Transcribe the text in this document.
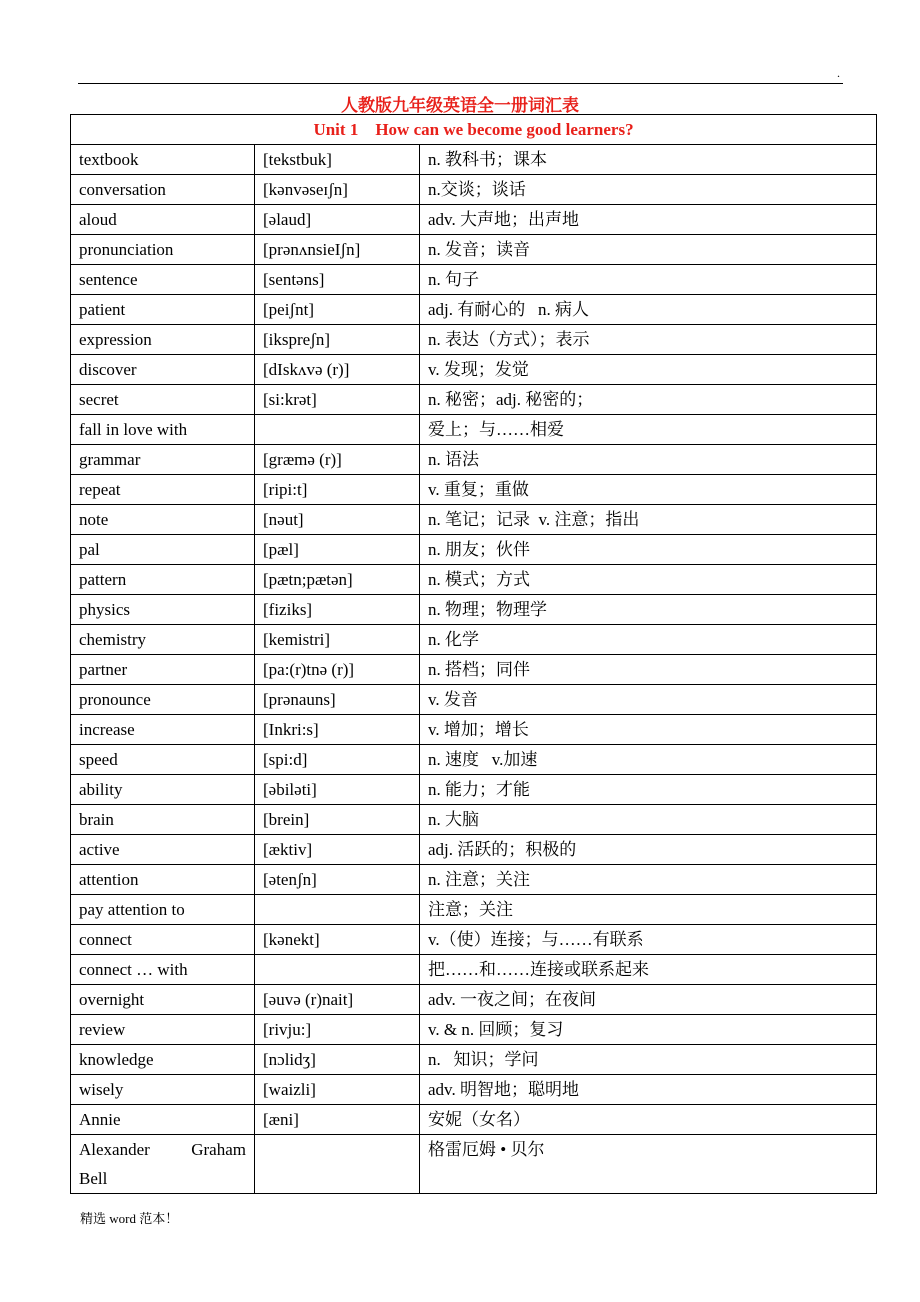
.
人教版九年级英语全一册词汇表
Unit 1    How can we become good learners?		
textbook	[tekstbuk]	n. 教科书；课本
conversation	[kənvəseɪʃn]	n.交谈；谈话
aloud	[əlaud]	adv. 大声地；出声地
pronunciation	[prənʌnsieIʃn]	n. 发音；读音
sentence	[sentəns]	n. 句子
patient	[peiʃnt]	adj. 有耐心的   n. 病人
expression	[iksprеʃn]	n. 表达（方式）；表示
discover	[dIskʌvə (r)]	v. 发现；发觉
secret	[si:krət]	n. 秘密；adj. 秘密的；
fall in love with		爱上；与……相爱
grammar	[græmə (r)]	n. 语法
repeat	[ripi:t]	v. 重复；重做
note	[nəut]	n. 笔记；记录  v. 注意；指出
pal	[pæl]	n. 朋友；伙伴
pattern	[pætn;pætən]	n. 模式；方式
physics	[fiziks]	n. 物理；物理学
chemistry	[kemistri]	n. 化学
partner	[pa:(r)tnə (r)]	n. 搭档；同伴
pronounce	[prənauns]	v. 发音
increase	[Inkri:s]	v. 增加；增长
speed	[spi:d]	n. 速度   v.加速
ability	[əbiləti]	n. 能力；才能
brain	[brein]	n. 大脑
active	[æktiv]	adj. 活跃的；积极的
attention	[ətenʃn]	n. 注意；关注
pay attention to		注意；关注
connect	[kənekt]	v.（使）连接；与……有联系
connect … with		把……和……连接或联系起来
overnight	[əuvə (r)nait]	adv. 一夜之间；在夜间
review	[rivju:]	v. & n. 回顾；复习
knowledge	[nɔlidʒ]	n.   知识；学问
wisely	[waizli]	adv. 明智地；聪明地
Annie	[æni]	安妮（女名）

Alexander Graham
Bell		格雷厄姆 • 贝尔
精选 word 范本！
